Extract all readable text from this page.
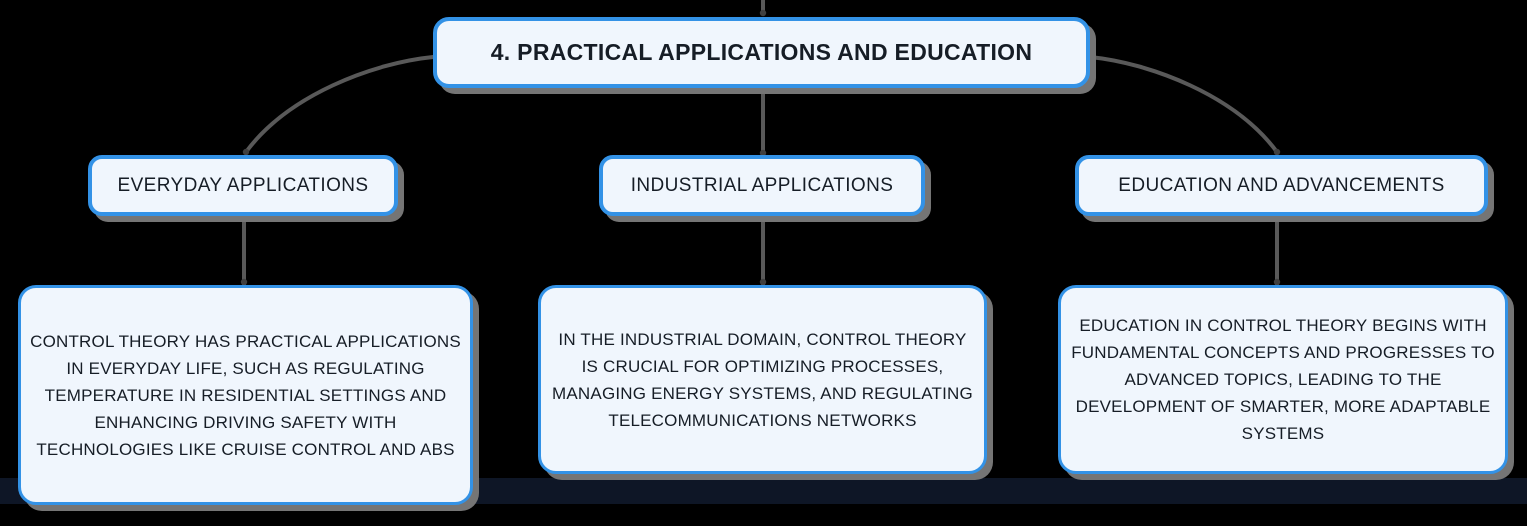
4. PRACTICAL APPLICATIONS AND EDUCATION
EVERYDAY APPLICATIONS	INDUSTRIAL APPLICATIONS	EDUCATION AND ADVANCEMENTS
CONTROL THEORY HAS PRACTICAL APPLICATIONS IN EVERYDAY LIFE, SUCH AS REGULATING TEMPERATURE IN RESIDENTIAL SETTINGS AND ENHANCING DRIVING SAFETY WITH TECHNOLOGIES LIKE CRUISE CONTROL AND ABS
IN THE INDUSTRIAL DOMAIN, CONTROL THEORY IS CRUCIAL FOR OPTIMIZING PROCESSES, MANAGING ENERGY SYSTEMS, AND REGULATING TELECOMMUNICATIONS NETWORKS
EDUCATION IN CONTROL THEORY BEGINS WITH FUNDAMENTAL CONCEPTS AND PROGRESSES TO ADVANCED TOPICS, LEADING TO THE DEVELOPMENT OF SMARTER, MORE ADAPTABLE SYSTEMS
